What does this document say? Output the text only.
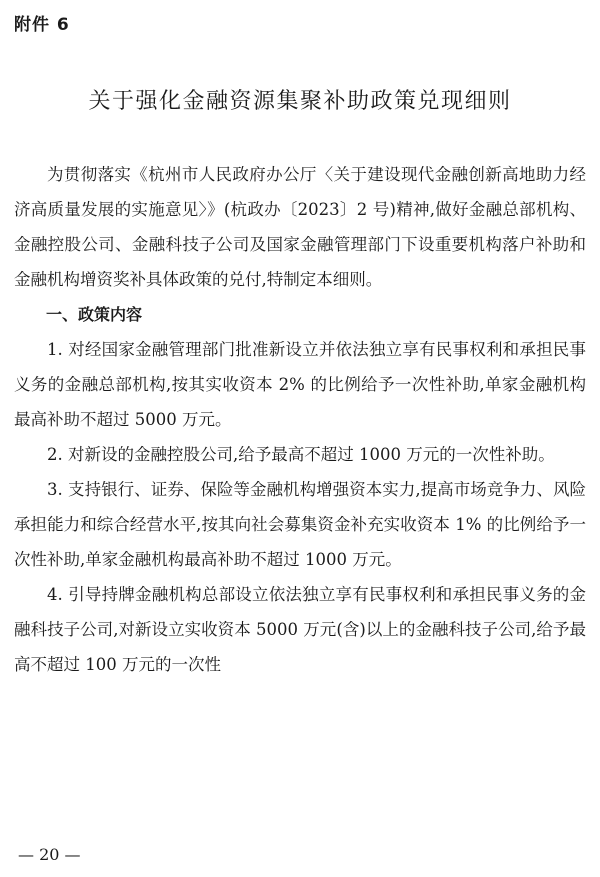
附件 6
关于强化金融资源集聚补助政策兑现细则

为贯彻落实《杭州市人民政府办公厅〈关于建设现代金融创新高地助力经济高质量发展的实施意见〉》(杭政办〔2023〕2 号)精神,做好金融总部机构、金融控股公司、金融科技子公司及国家金融管理部门下设重要机构落户补助和金融机构增资奖补具体政策的兑付,特制定本细则。

一、政策内容

1. 对经国家金融管理部门批准新设立并依法独立享有民事权利和承担民事义务的金融总部机构,按其实收资本 2% 的比例给予一次性补助,单家金融机构最高补助不超过 5000 万元。

2. 对新设的金融控股公司,给予最高不超过 1000 万元的一次性补助。

3. 支持银行、证券、保险等金融机构增强资本实力,提高市场竞争力、风险承担能力和综合经营水平,按其向社会募集资金补充实收资本 1% 的比例给予一次性补助,单家金融机构最高补助不超过 1000 万元。

4. 引导持牌金融机构总部设立依法独立享有民事权利和承担民事义务的金融科技子公司,对新设立实收资本 5000 万元(含)以上的金融科技子公司,给予最高不超过 100 万元的一次性

— 20 —
